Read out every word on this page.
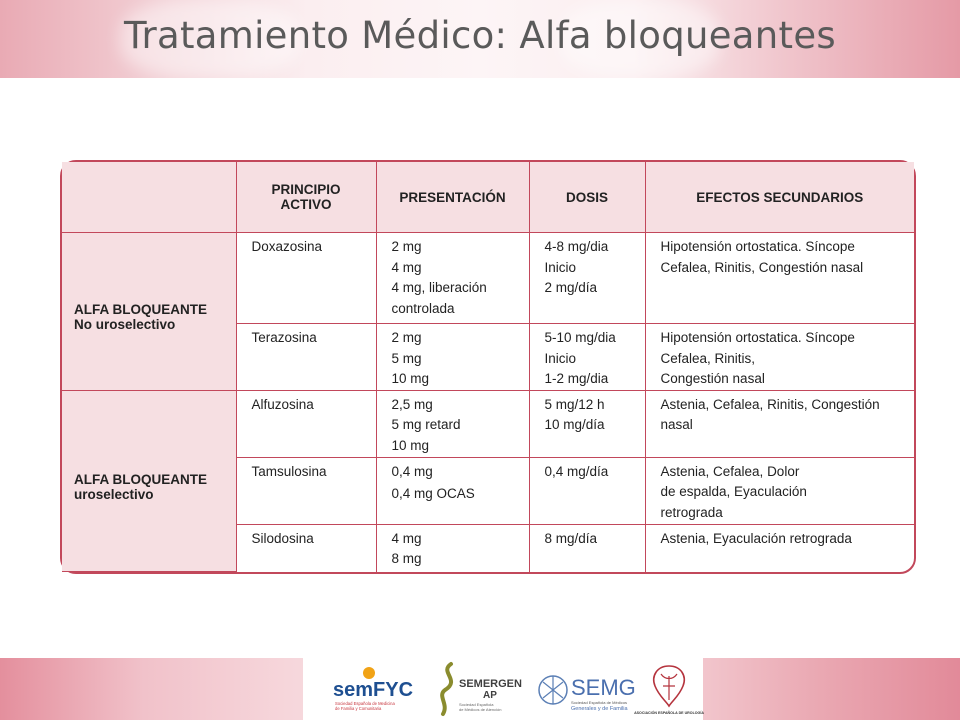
Tratamiento Médico: Alfa bloqueantes

	PRINCIPIO
ACTIVO	PRESENTACIÓN	DOSIS	EFECTOS SECUNDARIOS

ALFA BLOQUEANTE
No uroselectivo	Doxazosina	2 mg
4 mg
4 mg, liberación
controlada	4-8 mg/dia
Inicio
2 mg/día	Hipotensión ortostatica. Síncope
Cefalea, Rinitis, Congestión nasal

	Terazosina	2 mg
5 mg
10 mg	5-10 mg/dia
Inicio
1-2 mg/dia	Hipotensión ortostatica. Síncope
Cefalea, Rinitis,
Congestión nasal

ALFA BLOQUEANTE
uroselectivo	Alfuzosina	2,5 mg
5 mg retard
10 mg	5 mg/12 h
10 mg/día	Astenia, Cefalea, Rinitis, Congestión
nasal

	Tamsulosina	0,4 mg
0,4 mg OCAS	0,4 mg/día	Astenia, Cefalea, Dolor
de espalda, Eyaculación
retrograda

	Silodosina	4 mg
8 mg	8 mg/día	Astenia, Eyaculación retrograda
semFYC
Sociedad Española de Medicina
de Familia y Comunitaria
SEMERGEN
AP
Sociedad Española
de Médicos de Atención
SEMG
Sociedad Española de Médicos
Generales y de Familia
ASOCIACIÓN ESPAÑOLA DE UROLOGÍA
